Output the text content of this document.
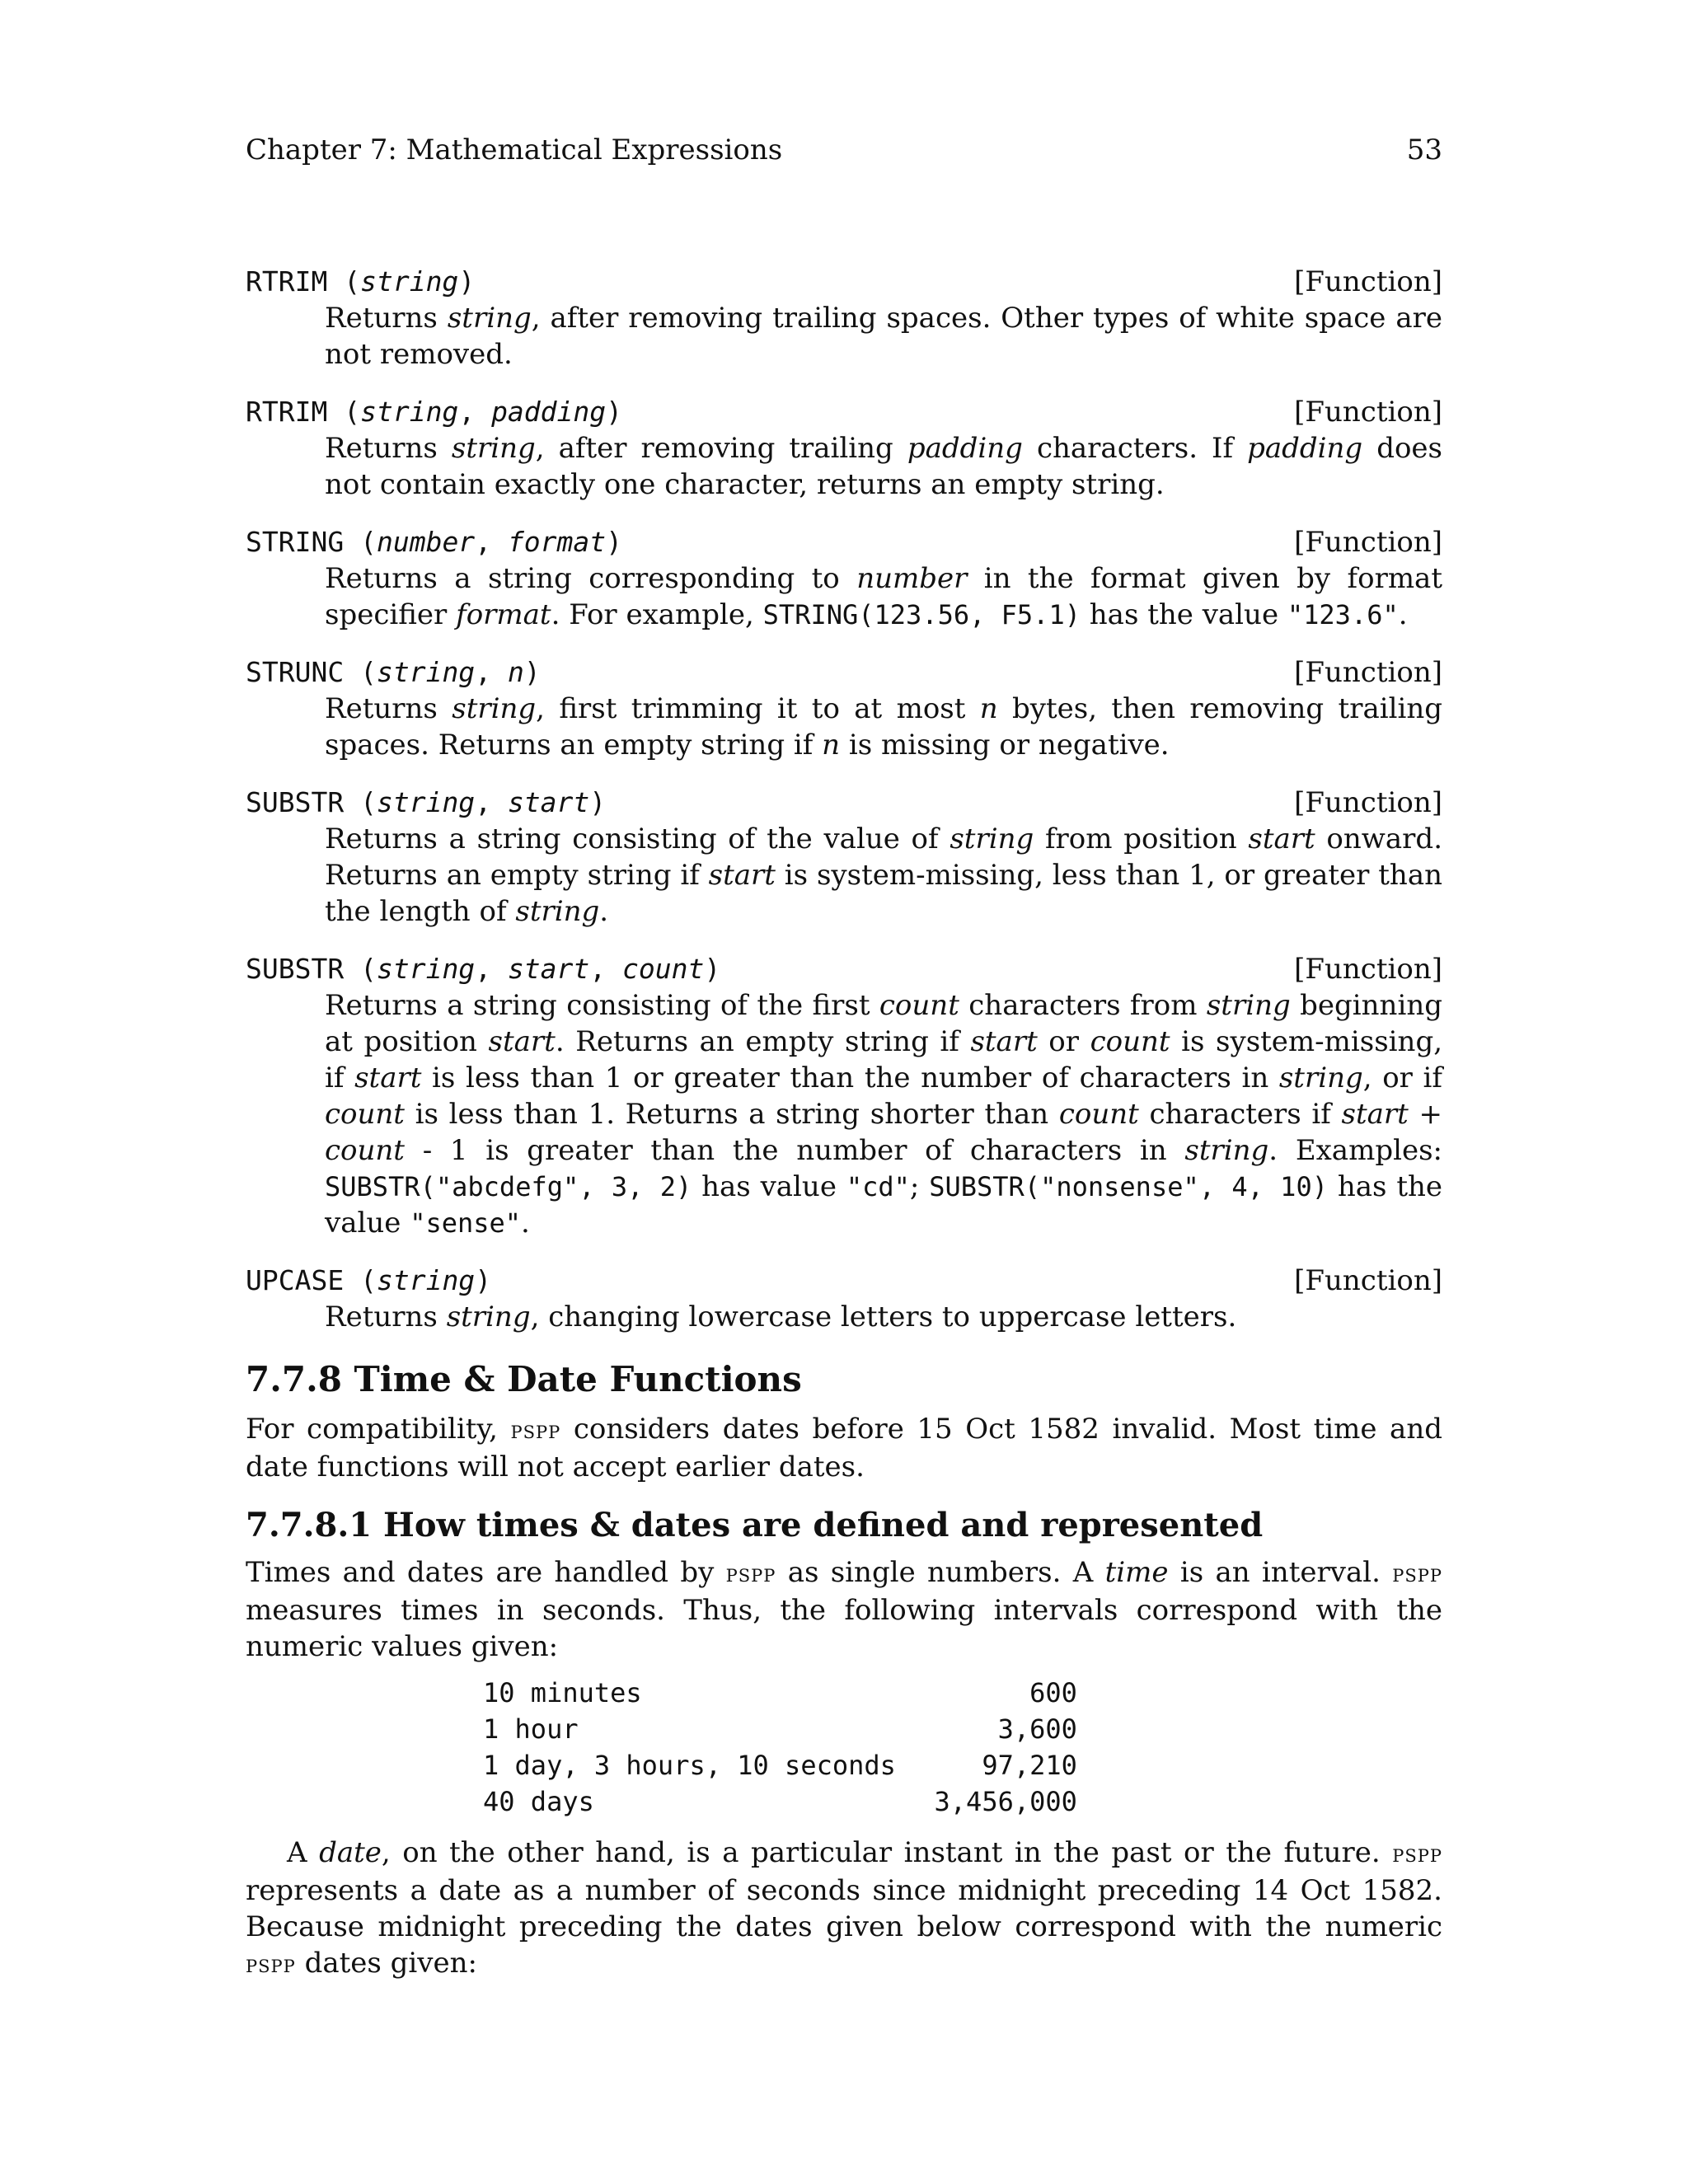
Chapter 7: Mathematical Expressions	53
RTRIM (string)	[Function]
Returns string, after removing trailing spaces. Other types of white space are not removed.
RTRIM (string, padding)	[Function]
Returns string, after removing trailing padding characters. If padding does not contain exactly one character, returns an empty string.
STRING (number, format)	[Function]
Returns a string corresponding to number in the format given by format specifier format. For example, STRING(123.56, F5.1) has the value "123.6".
STRUNC (string, n)	[Function]
Returns string, first trimming it to at most n bytes, then removing trailing spaces. Returns an empty string if n is missing or negative.
SUBSTR (string, start)	[Function]
Returns a string consisting of the value of string from position start onward. Returns an empty string if start is system-missing, less than 1, or greater than the length of string.
SUBSTR (string, start, count)	[Function]
Returns a string consisting of the first count characters from string beginning at position start. Returns an empty string if start or count is system-missing, if start is less than 1 or greater than the number of characters in string, or if count is less than 1. Returns a string shorter than count characters if start + count - 1 is greater than the number of characters in string. Examples: SUBSTR("abcdefg", 3, 2) has value "cd"; SUBSTR("nonsense", 4, 10) has the value "sense".
UPCASE (string)	[Function]
Returns string, changing lowercase letters to uppercase letters.
7.7.8 Time & Date Functions

For compatibility, pspp considers dates before 15 Oct 1582 invalid. Most time and date functions will not accept earlier dates.

7.7.8.1 How times & dates are defined and represented

Times and dates are handled by pspp as single numbers. A time is an interval. pspp measures times in seconds. Thus, the following intervals correspond with the numeric values given:

10 minutes	600
1 hour	3,600
1 day, 3 hours, 10 seconds	97,210
40 days	3,456,000

A date, on the other hand, is a particular instant in the past or the future. pspp represents a date as a number of seconds since midnight preceding 14 Oct 1582. Because midnight preceding the dates given below correspond with the numeric pspp dates given:
